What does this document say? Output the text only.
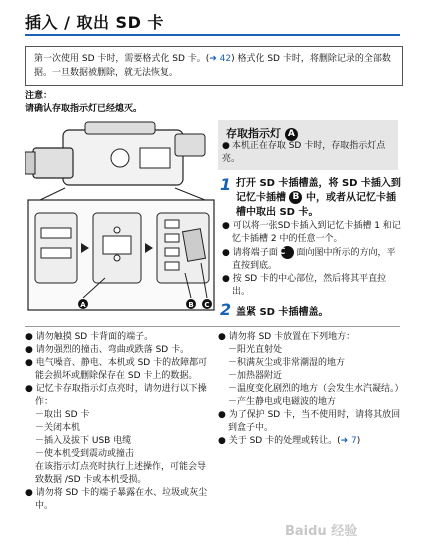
插入 / 取出 SD 卡
第一次使用 SD 卡时，需要格式化 SD 卡。(➜ 42) 格式化 SD 卡时，将删除记录的全部数据。一旦数据被删除，就无法恢复。
注意：
请确认存取指示灯已经熄灭。
A	B C
存取指示灯 A
● 本机正在存取 SD 卡时，存取指示灯点亮。
1 打开 SD 卡插槽盖，将 SD 卡插入到记忆卡插槽 B 中，或者从记忆卡插槽中取出 SD 卡。
● 可以将一张SD卡插入到记忆卡插槽 1 和记忆卡插槽 2 中的任意一个。
● 请将端子面 C 面向图中所示的方向，平直按到底。
● 按 SD 卡的中心部位，然后将其平直拉出。
2 盖紧 SD 卡插槽盖。
● 请勿触摸 SD 卡背面的端子。
● 请勿强烈的撞击、弯曲或跌落 SD 卡。
● 电气噪音、静电、本机或 SD 卡的故障都可能会损坏或删除保存在 SD 卡上的数据。
● 记忆卡存取指示灯点亮时，请勿进行以下操作：
－取出 SD 卡
－关闭本机
－插入及拔下 USB 电缆
－使本机受到震动或撞击
在该指示灯点亮时执行上述操作，可能会导致数据 /SD 卡或本机受损。
● 请勿将 SD 卡的端子暴露在水、垃圾或灰尘中。
● 请勿将 SD 卡放置在下列地方：
－阳光直射处
－积满灰尘或非常潮湿的地方
－加热器附近
－温度变化剧烈的地方（会发生水汽凝结。）
－产生静电或电磁波的地方
● 为了保护 SD 卡，当不使用时，请将其放回到盒子中。
● 关于 SD 卡的处理或转让。(➜ 7)
Baidu 经验
